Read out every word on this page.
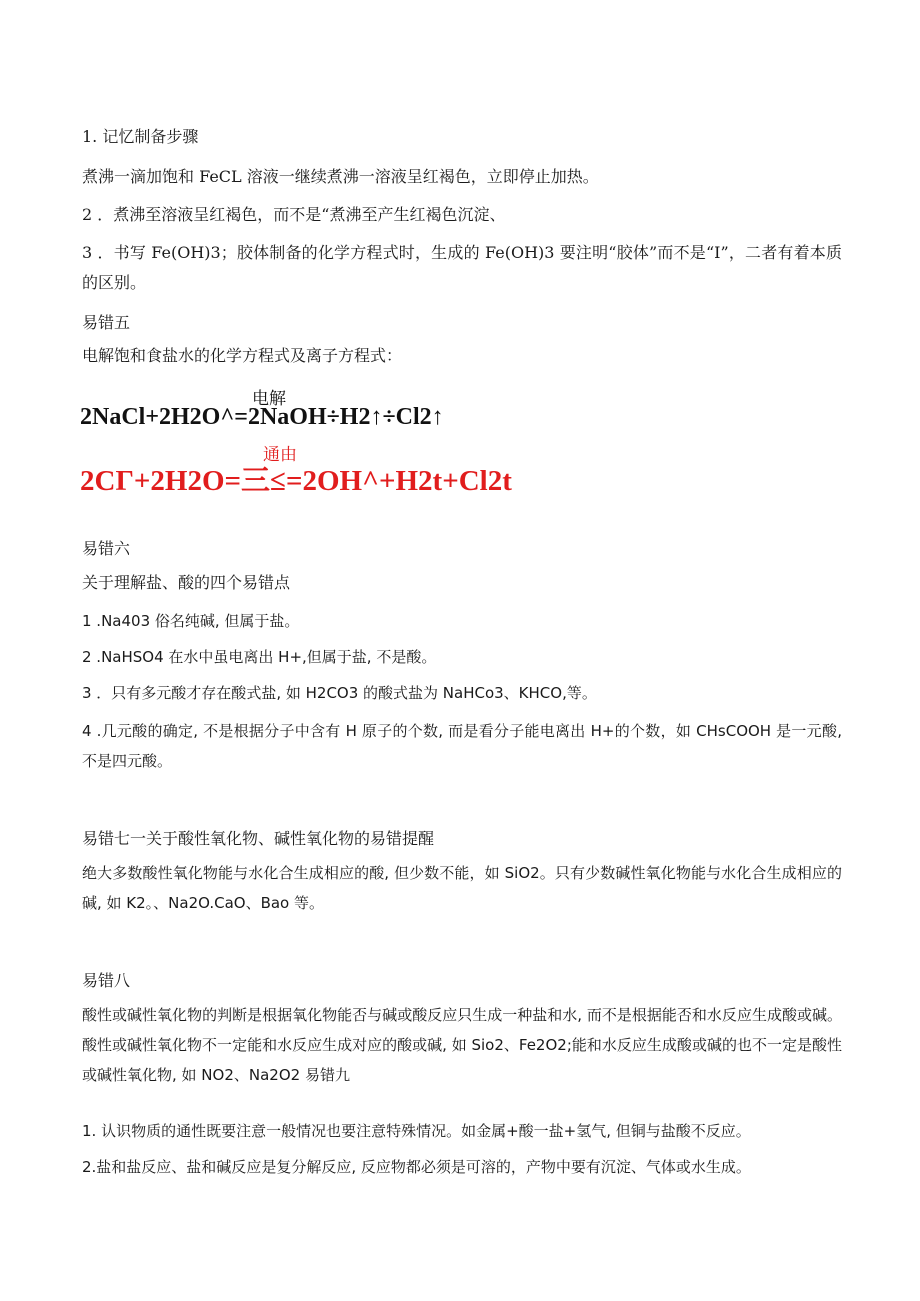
1. 记忆制备步骤

煮沸一滴加饱和 FeCL 溶液一继续煮沸一溶液呈红褐色，立即停止加热。

2 ．煮沸至溶液呈红褐色，而不是“煮沸至产生红褐色沉淀、

3 ．书写 Fe(OH)3；胶体制备的化学方程式时，生成的 Fe(OH)3 要注明“胶体”而不是“I”，二者有着本质的区别。

易错五

电解饱和食盐水的化学方程式及离子方程式：

电解

2NaCl+2H2O^=2NaOH÷H2↑÷Cl2↑

通由

2CΓ+2H2O=三≤=2OH^+H2t+Cl2t

易错六

关于理解盐、酸的四个易错点

1 .Na403 俗名纯碱, 但属于盐。

2 .NaHSO4 在水中虽电离出 H+,但属于盐, 不是酸。

3 ．只有多元酸才存在酸式盐, 如 H2CO3 的酸式盐为 NaHCo3、KHCO,等。

4 .几元酸的确定, 不是根据分子中含有 H 原子的个数, 而是看分子能电离出 H+的个数，如 CHsCOOH 是一元酸, 不是四元酸。

易错七一关于酸性氧化物、碱性氧化物的易错提醒

绝大多数酸性氧化物能与水化合生成相应的酸, 但少数不能，如 SiO2。只有少数碱性氧化物能与水化合生成相应的碱, 如 K2。、Na2O.CaO、Bao 等。

易错八

酸性或碱性氧化物的判断是根据氧化物能否与碱或酸反应只生成一种盐和水, 而不是根据能否和水反应生成酸或碱。酸性或碱性氧化物不一定能和水反应生成对应的酸或碱, 如 Sio2、Fe2O2;能和水反应生成酸或碱的也不一定是酸性或碱性氧化物, 如 NO2、Na2O2 易错九

1. 认识物质的通性既要注意一般情况也要注意特殊情况。如金属+酸一盐+氢气, 但铜与盐酸不反应。

2.盐和盐反应、盐和碱反应是复分解反应, 反应物都必须是可溶的，产物中要有沉淀、气体或水生成。
